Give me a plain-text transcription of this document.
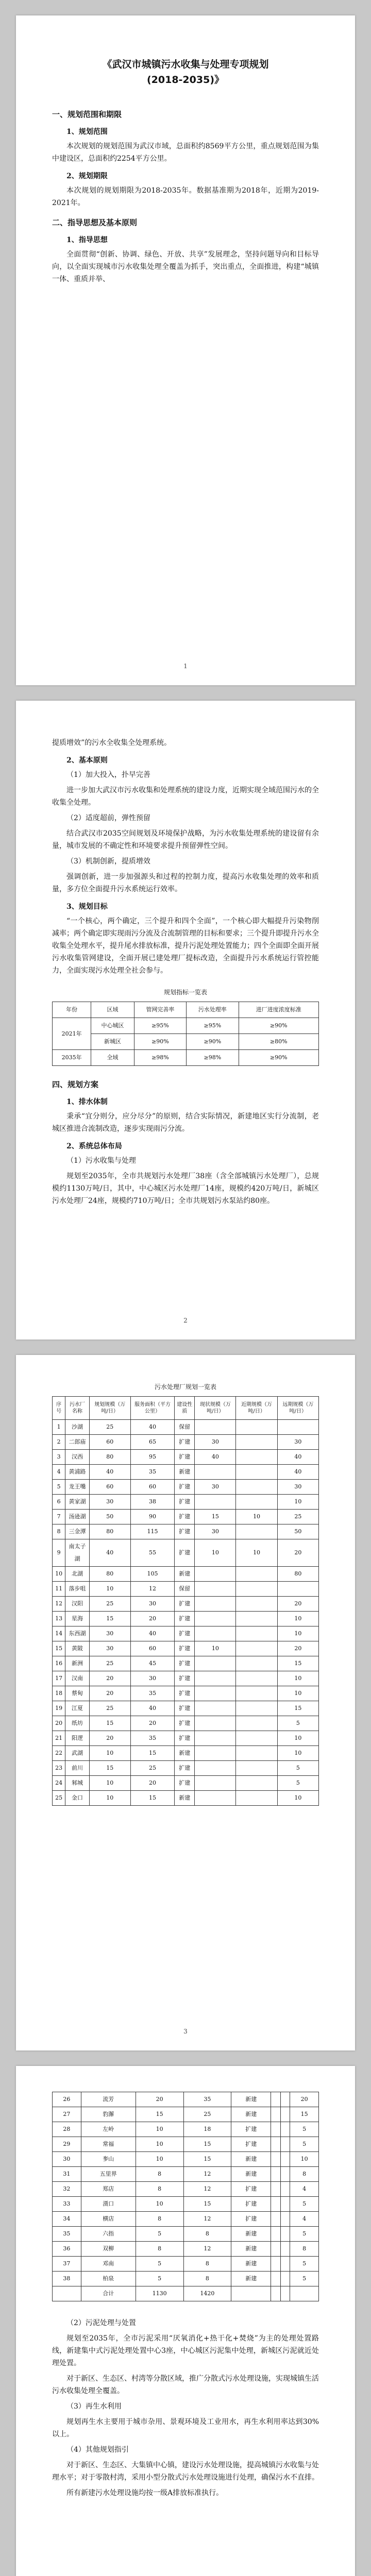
《武汉市城镇污水收集与处理专项规划
(2018-2035)》
一、规划范围和期限
1、规划范围

本次规划的规划范围为武汉市域，总面积约8569平方公里，重点规划范围为集中建设区，总面积约2254平方公里。

2、规划期限

本次规划的规划期限为2018-2035年。数据基准期为2018年，近期为2019-2021年。

二、指导思想及基本原则
1、指导思想

全面贯彻“创新、协调、绿色、开放、共享”发展理念，坚持问题导向和目标导向，以全面实现城市污水收集处理全覆盖为抓手，突出重点，全面推进，构建“城镇一体、重质并举、

1

提质增效”的污水全收集全处理系统。

2、基本原则

（1）加大投入，扑早完善

进一步加大武汉市污水收集和处理系统的建设力度，近期实现全域范围污水的全收集全处理。

（2）适度超前，弹性预留

结合武汉市2035空间规划及环境保护战略，为污水收集处理系统的建设留有余量，城市发展的不确定性和环境要求提升预留弹性空间。

（3）机制创新，提质增效

强调创新，进一步加强源头和过程的控制力度，提高污水收集处理的效率和质量，多方位全面提升污水系统运行效率。

3、规划目标

“一个核心，两个确定，三个提升和四个全面”，一个核心即大幅提升污染物削减率；两个确定即实现雨污分流及合流制管理的目标和要求；三个提升即提升污水全收集全处理水平，提升尾水排放标准，提升污泥处理处置能力；四个全面即全面开展污水收集管网建设，全面开展已建处理厂提标改造，全面提升污水系统运行管控能力，全面实现污水处理全社会参与。

规划指标一览表
年份	区域	管网完善率	污水处理率	进厂进度浓度标准
2021年	中心城区	≥95%	≥95%	≥90%
	新城区	≥90%	≥90%	≥80%
2035年	全域	≥98%	≥98%	≥90%
四、规划方案
1、排水体制

秉承“宜分则分，应分尽分”的原则，结合实际情况，新建地区实行分流制，老城区推进合流制改造，逐步实现雨污分流。

2、系统总体布局

（1）污水收集与处理

规划至2035年，全市共规划污水处理厂38座（含全部城镇污水处理厂），总规模约1130万吨/日，其中，中心城区污水处理厂14座，规模约420万吨/日，新城区污水处理厂24座，规模约710万吨/日；全市共规划污水泵站约80座。

2
污水处理厂规划一览表
序号	污水厂名称	规划规模（万吨/日）	服务面积（平方公里）	建设性质	现状规模（万吨/日）	近期规模（万吨/日）	远期规模（万吨/日）
1	沙湖	25	40	保留			
2	二郎庙	60	65	扩建	30		30
3	汉西	80	95	扩建	40		40
4	黄浦路	40	35	新建			40
5	龙王嘴	60	60	扩建	30		30
6	黄家湖	30	38	扩建			10
7	汤逊湖	50	90	扩建	15	10	25
8	三金潭	80	115	扩建	30		50
9	南太子湖	40	55	扩建	10	10	20
10	北湖	80	105	新建			80
11	落步咀	10	12	保留			
12	汉阳	25	30	扩建			20
13	星海	15	20	扩建			10
14	东西湖	30	40	扩建			10
15	黄陂	30	60	扩建	10		20
16	新洲	25	45	扩建			15
17	汉南	20	30	扩建			10
18	蔡甸	20	35	扩建			10
19	江夏	25	40	扩建			15
20	纸坊	15	20	扩建			5
21	阳逻	20	35	扩建			10
22	武湖	10	15	新建			10
23	前川	15	25	扩建			5
24	邾城	10	20	扩建			5
25	金口	10	15	新建			10
3
26	流芳	20	35	新建			20
27	豹澥	15	25	新建			15
28	左岭	10	18	扩建			5
29	常福	10	15	扩建			5
30	奓山	10	15	新建			10
31	五里界	8	12	新建			8
32	郑店	8	12	扩建			4
33	滠口	10	15	扩建			5
34	横店	8	12	扩建			4
35	六指	5	8	新建			5
36	双柳	8	12	新建			8
37	邓南	5	8	新建			5
38	柏泉	5	8	新建			5
	合计	1130	1420				

（2）污泥处理与处置

规划至2035年，全市污泥采用“厌氧消化+热干化+焚烧”为主的处理处置路线，新建集中式污泥处理处置中心3座，中心城区污泥集中处理，新城区污泥就近处理处置。

对于新区、生态区、村湾等分散区域，推广分散式污水处理设施，实现城镇生活污水收集处理全覆盖。

（3）再生水利用

规划再生水主要用于城市杂用、景观环境及工业用水，再生水利用率达到30%以上。

（4）其他规划指引

对于新区、生态区、大集镇中心镇，建设污水处理设施，提高城镇污水收集与处理水平；对于零散村湾，采用小型分散式污水处理设施进行处理，确保污水不直排。

所有新建污水处理设施均按一级A排放标准执行。
